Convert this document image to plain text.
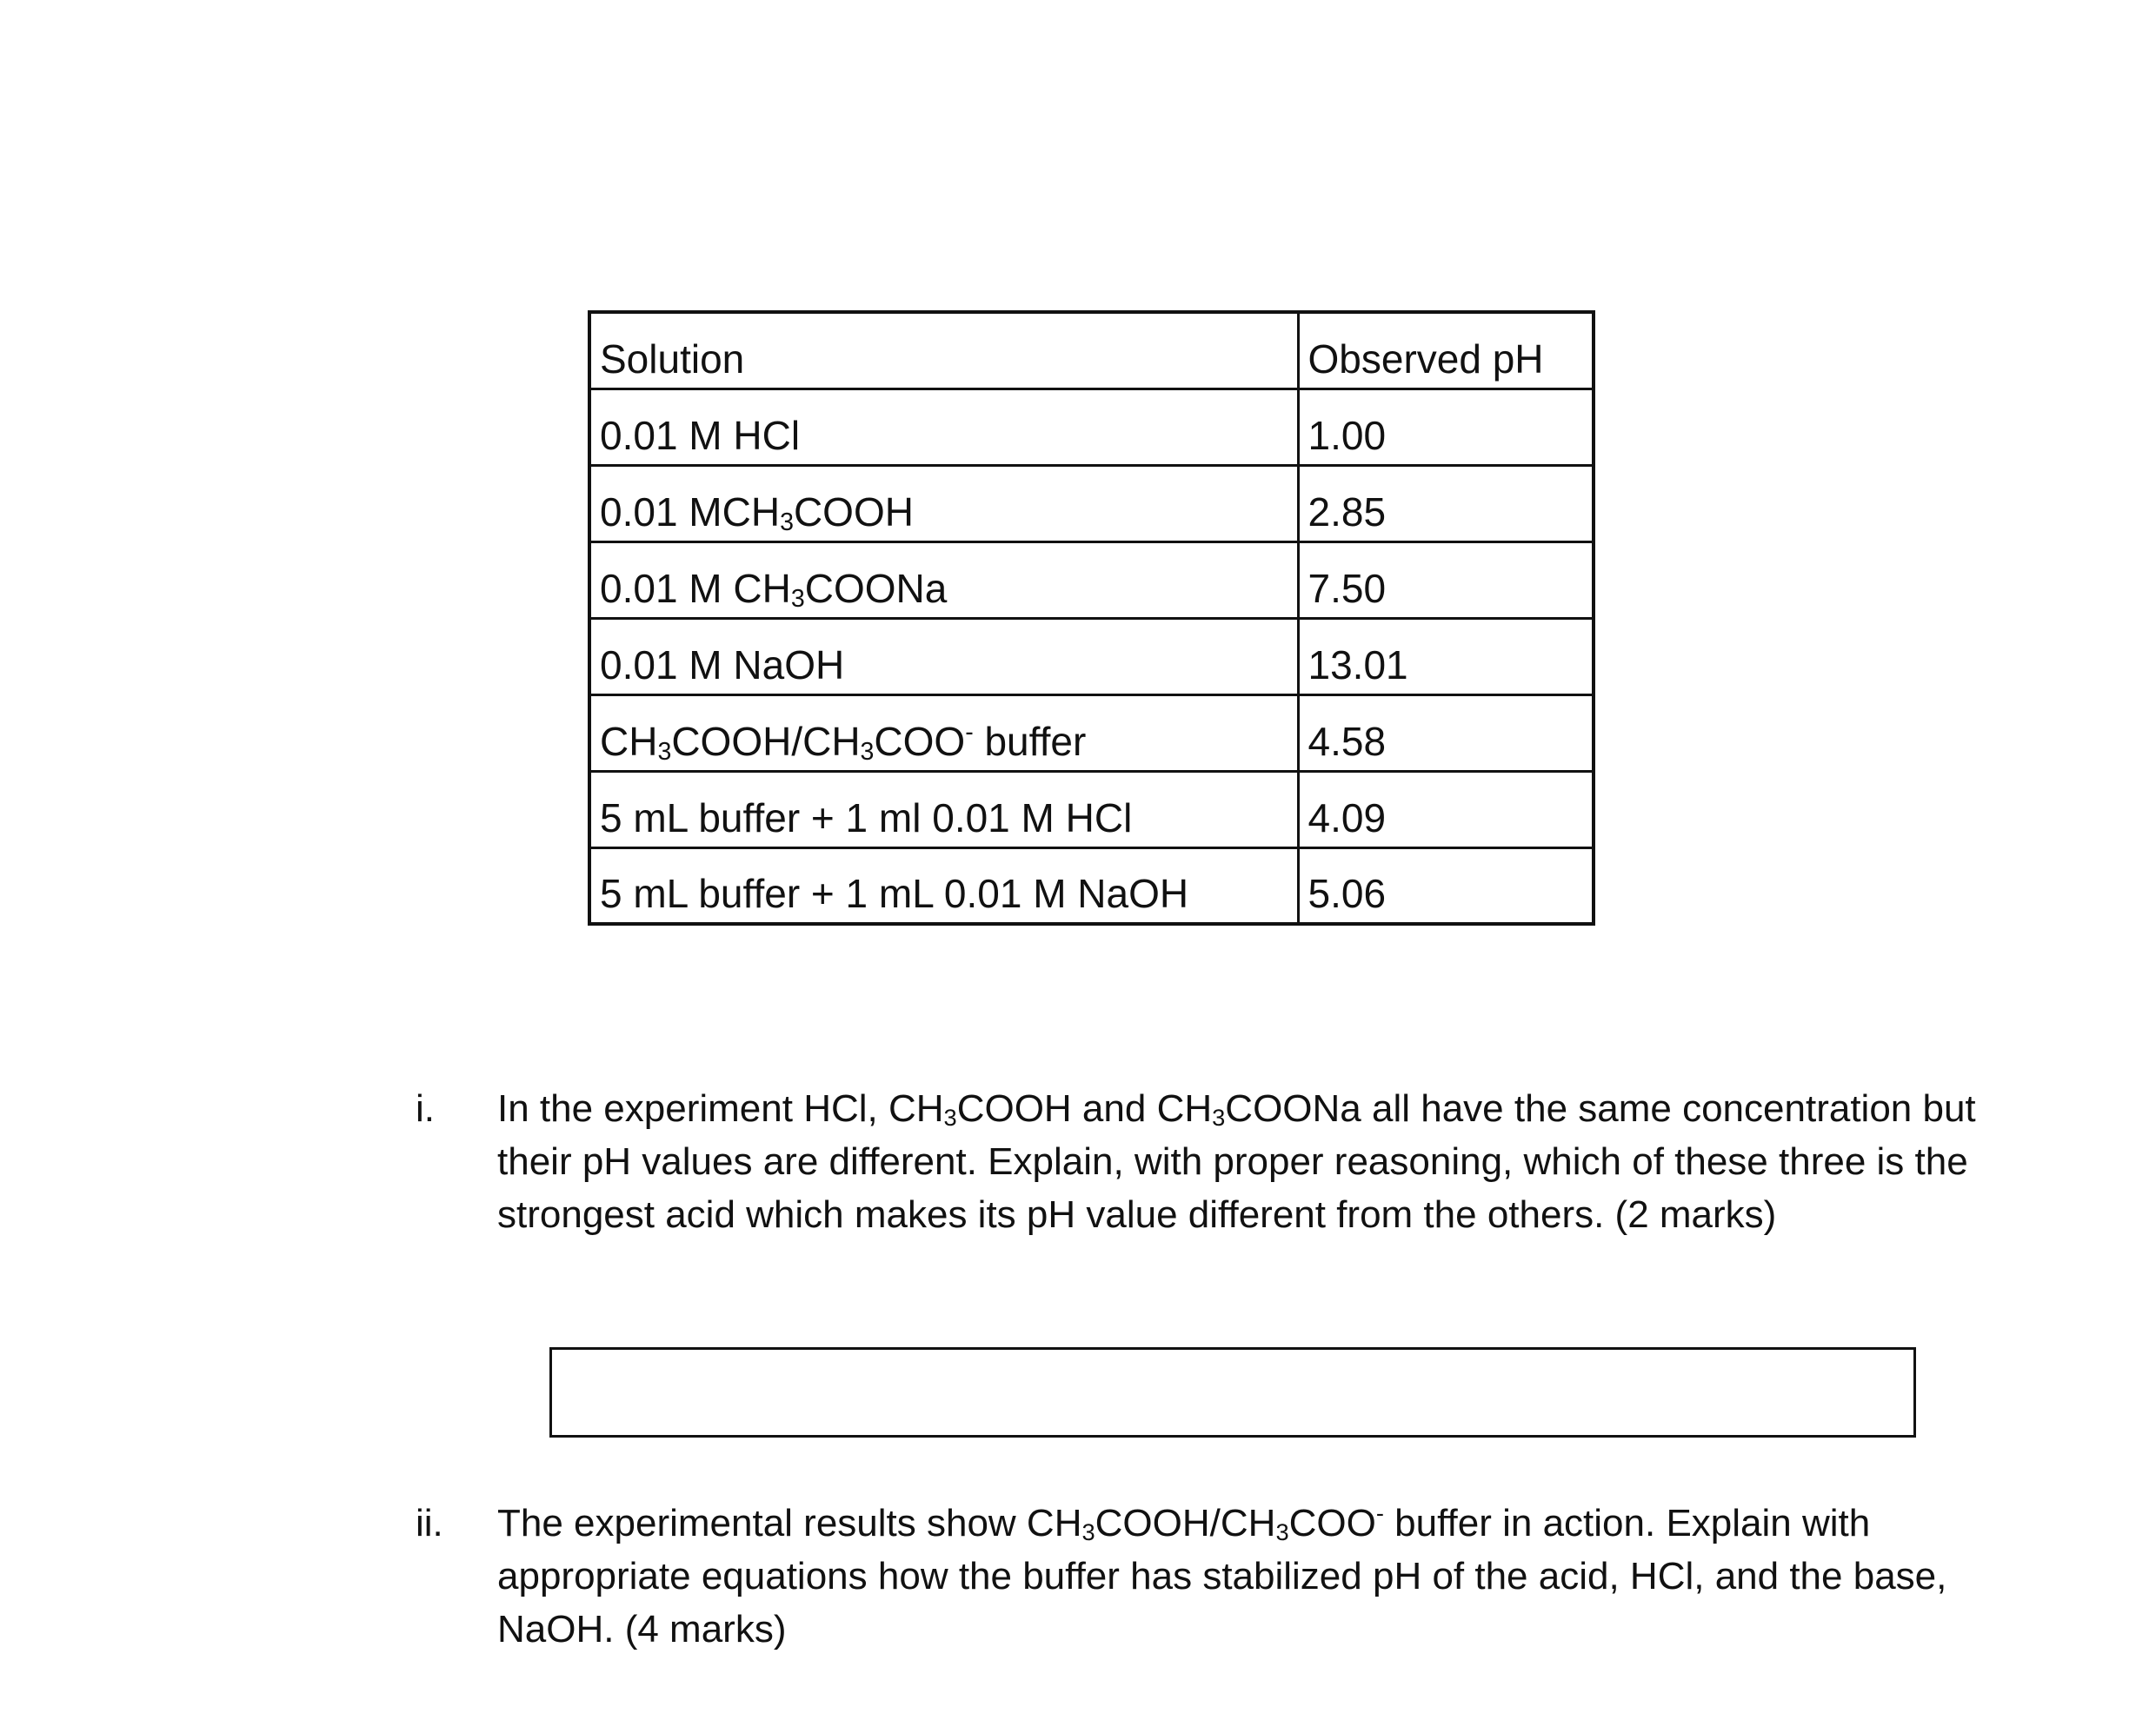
Solution	Observed pH
0.01 M HCl	1.00
0.01 $MCH_3COOH$	2.85
0.01 M $CH_3COONa$	7.50
0.01 M NaOH	13.01
$CH_3COOH/CH_3COO^-$ buffer	4.58
5 mL buffer + 1 ml 0.01 M HCl	4.09
5 mL buffer + 1 mL 0.01 M NaOH	5.06
i. In the experiment HCl, $CH_3COOH$ and $CH_3COONa$ all have the same concentration but their pH values are different. Explain, with proper reasoning, which of these three is the strongest acid which makes its pH value different from the others. (2 marks)
ii. The experimental results show $CH_3COOH/CH_3COO^-$ buffer in action. Explain with appropriate equations how the buffer has stabilized pH of the acid, HCl, and the base, NaOH. (4 marks)
